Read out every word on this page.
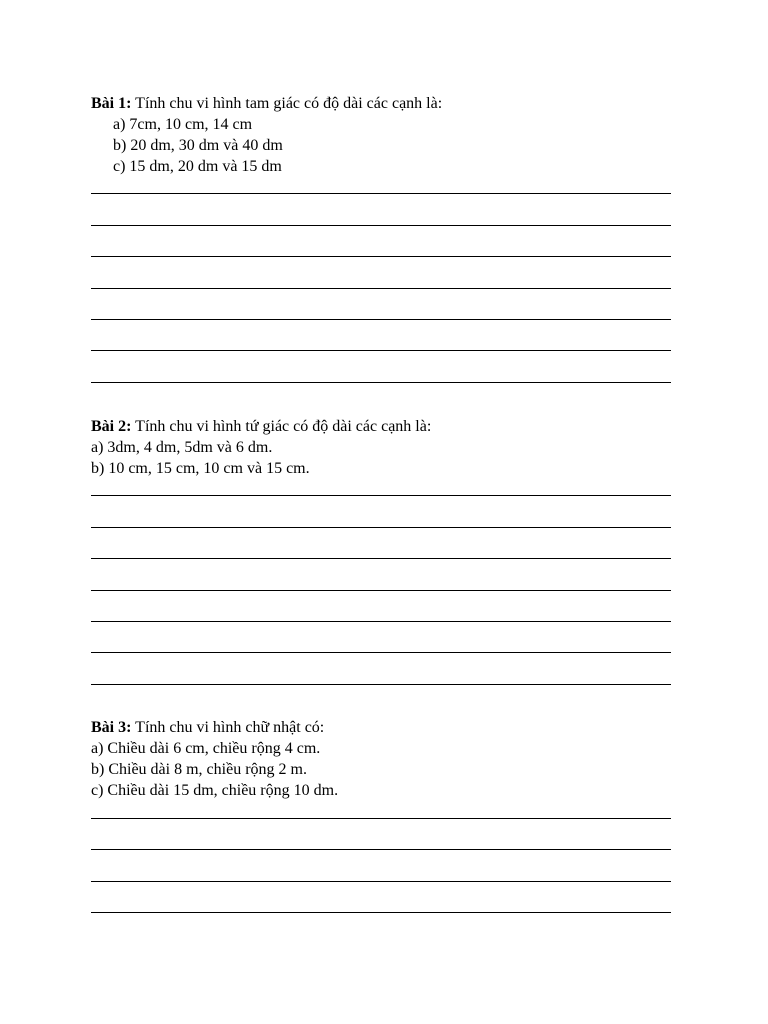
Bài 1: Tính chu vi hình tam giác có độ dài các cạnh là:
a) 7cm, 10 cm, 14 cm
b) 20 dm, 30 dm và 40 dm
c) 15 dm, 20 dm và 15 dm
Bài 2: Tính chu vi hình tứ giác có độ dài các cạnh là:
a) 3dm, 4 dm, 5dm và 6 dm.
b) 10 cm, 15 cm, 10 cm và 15 cm.
Bài 3: Tính chu vi hình chữ nhật có:
a) Chiều dài 6 cm, chiều rộng 4 cm.
b) Chiều dài 8 m, chiều rộng 2 m.
c) Chiều dài 15 dm, chiều rộng 10 dm.
